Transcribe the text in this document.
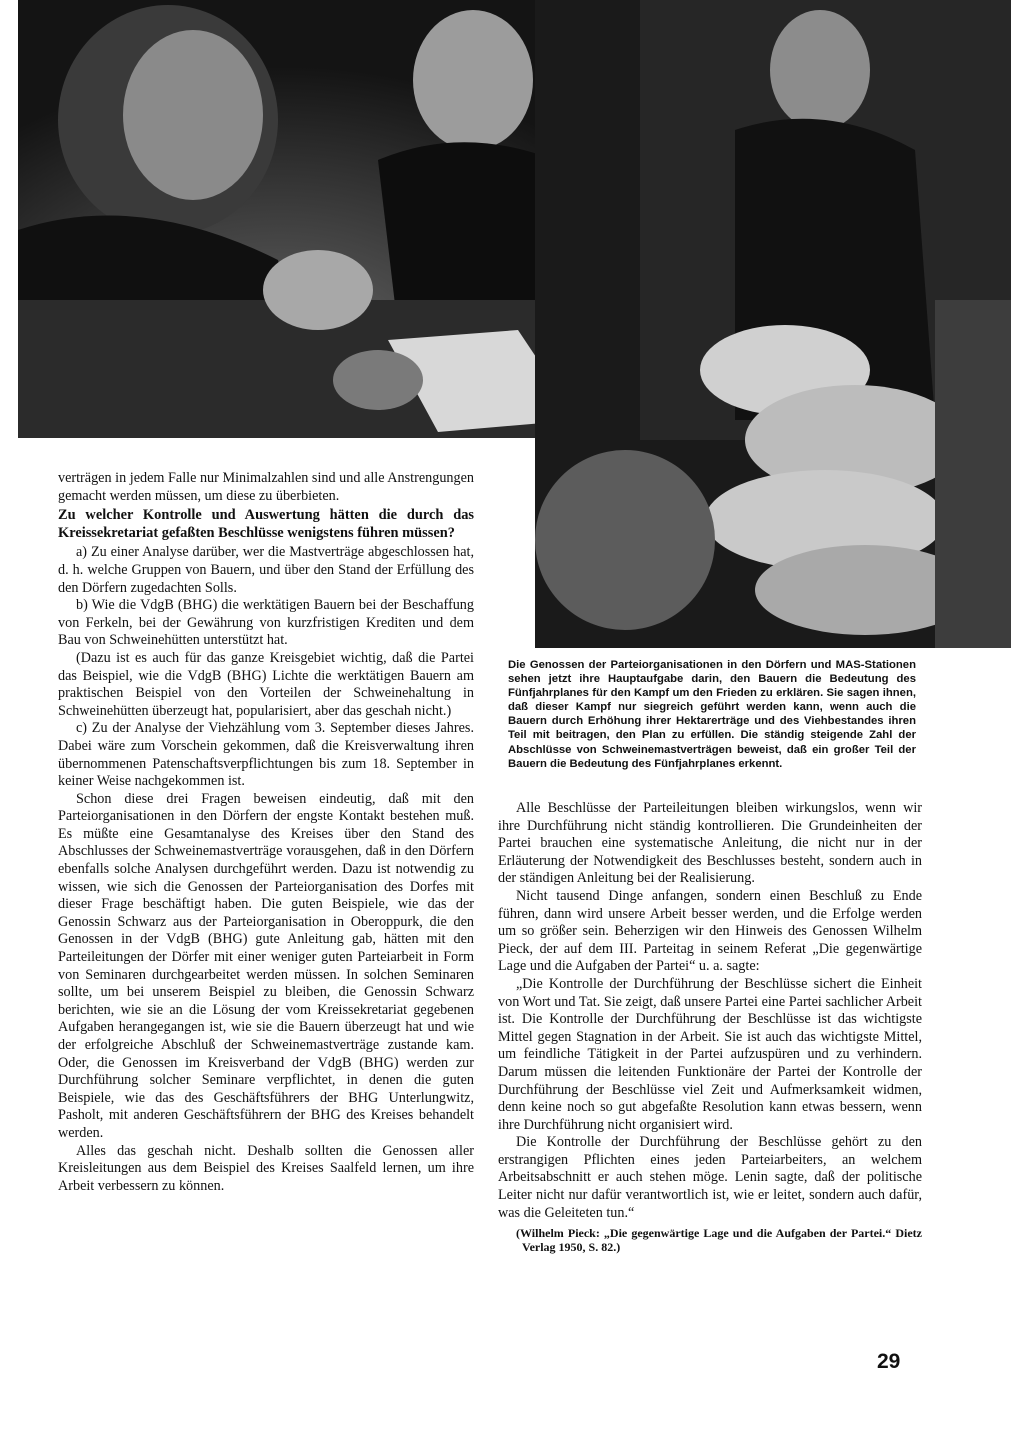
Die Genossen der Parteiorganisationen in den Dörfern und MAS-Stationen sehen jetzt ihre Hauptaufgabe darin, den Bauern die Bedeutung des Fünfjahrplanes für den Kampf um den Frieden zu erklären. Sie sagen ihnen, daß dieser Kampf nur siegreich geführt werden kann, wenn auch die Bauern durch Erhöhung ihrer Hektarerträge und des Viehbestandes ihren Teil mit beitragen, den Plan zu erfüllen. Die ständig steigende Zahl der Abschlüsse von Schweinemastverträgen beweist, daß ein großer Teil der Bauern die Bedeutung des Fünfjahrplanes erkennt.

verträgen in jedem Falle nur Minimalzahlen sind und alle Anstrengungen gemacht werden müssen, um diese zu überbieten.

Zu welcher Kontrolle und Auswertung hätten die durch das Kreissekretariat gefaßten Beschlüsse wenigstens führen müssen?

a) Zu einer Analyse darüber, wer die Mastverträge abgeschlossen hat, d. h. welche Gruppen von Bauern, und über den Stand der Erfüllung des den Dörfern zugedachten Solls.

b) Wie die VdgB (BHG) die werktätigen Bauern bei der Beschaffung von Ferkeln, bei der Gewährung von kurzfristigen Krediten und dem Bau von Schweinehütten unterstützt hat.

(Dazu ist es auch für das ganze Kreisgebiet wichtig, daß die Partei das Beispiel, wie die VdgB (BHG) Lichte die werktätigen Bauern am praktischen Beispiel von den Vorteilen der Schweinehaltung in Schweinehütten überzeugt hat, popularisiert, aber das geschah nicht.)

c) Zu der Analyse der Viehzählung vom 3. September dieses Jahres. Dabei wäre zum Vorschein gekommen, daß die Kreisverwaltung ihren übernommenen Patenschaftsverpflichtungen bis zum 18. September in keiner Weise nachgekommen ist.

Schon diese drei Fragen beweisen eindeutig, daß mit den Parteiorganisationen in den Dörfern der engste Kontakt bestehen muß. Es müßte eine Gesamtanalyse des Kreises über den Stand des Abschlusses der Schweinemastverträge vorausgehen, daß in den Dörfern ebenfalls solche Analysen durchgeführt werden. Dazu ist notwendig zu wissen, wie sich die Genossen der Parteiorganisation des Dorfes mit dieser Frage beschäftigt haben. Die guten Beispiele, wie das der Genossin Schwarz aus der Parteiorganisation in Oberoppurk, die den Genossen in der VdgB (BHG) gute Anleitung gab, hätten mit den Parteileitungen der Dörfer mit einer weniger guten Parteiarbeit in Form von Seminaren durchgearbeitet werden müssen. In solchen Seminaren sollte, um bei unserem Beispiel zu bleiben, die Genossin Schwarz berichten, wie sie an die Lösung der vom Kreissekretariat gegebenen Aufgaben herangegangen ist, wie sie die Bauern überzeugt hat und wie der erfolgreiche Abschluß der Schweinemastverträge zustande kam. Oder, die Genossen im Kreisverband der VdgB (BHG) werden zur Durchführung solcher Seminare verpflichtet, in denen die guten Beispiele, wie das des Geschäftsführers der BHG Unterlungwitz, Pasholt, mit anderen Geschäftsführern der BHG des Kreises behandelt werden.

Alles das geschah nicht. Deshalb sollten die Genossen aller Kreisleitungen aus dem Beispiel des Kreises Saalfeld lernen, um ihre Arbeit verbessern zu können.

Alle Beschlüsse der Parteileitungen bleiben wirkungslos, wenn wir ihre Durchführung nicht ständig kontrollieren. Die Grundeinheiten der Partei brauchen eine systematische Anleitung, die nicht nur in der Erläuterung der Notwendigkeit des Beschlusses besteht, sondern auch in der ständigen Anleitung bei der Realisierung.

Nicht tausend Dinge anfangen, sondern einen Beschluß zu Ende führen, dann wird unsere Arbeit besser werden, und die Erfolge werden um so größer sein. Beherzigen wir den Hinweis des Genossen Wilhelm Pieck, der auf dem III. Parteitag in seinem Referat „Die gegenwärtige Lage und die Aufgaben der Partei“ u. a. sagte:

„Die Kontrolle der Durchführung der Beschlüsse sichert die Einheit von Wort und Tat. Sie zeigt, daß unsere Partei eine Partei sachlicher Arbeit ist. Die Kontrolle der Durchführung der Beschlüsse ist das wichtigste Mittel gegen Stagnation in der Arbeit. Sie ist auch das wichtigste Mittel, um feindliche Tätigkeit in der Partei aufzuspüren und zu verhindern. Darum müssen die leitenden Funktionäre der Partei der Kontrolle der Durchführung der Beschlüsse viel Zeit und Aufmerksamkeit widmen, denn keine noch so gut abgefaßte Resolution kann etwas bessern, wenn ihre Durchführung nicht organisiert wird.

Die Kontrolle der Durchführung der Beschlüsse gehört zu den erstrangigen Pflichten eines jeden Parteiarbeiters, an welchem Arbeitsabschnitt er auch stehen möge. Lenin sagte, daß der politische Leiter nicht nur dafür verantwortlich ist, wie er leitet, sondern auch dafür, was die Geleiteten tun.“

(Wilhelm Pieck: „Die gegenwärtige Lage und die Aufgaben der Partei.“ Dietz Verlag 1950, S. 82.)
29
